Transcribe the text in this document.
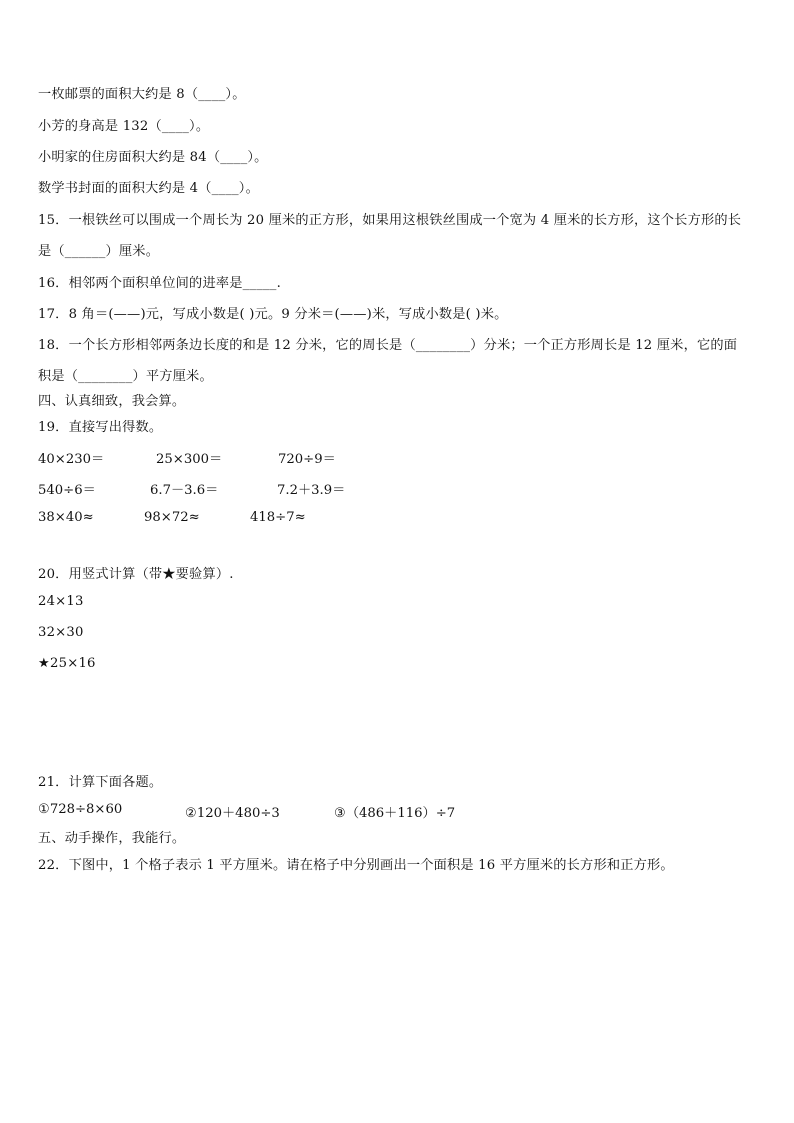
一枚邮票的面积大约是 8（____）。
小芳的身高是 132（____）。
小明家的住房面积大约是 84（____）。
数学书封面的面积大约是 4（____）。
15．一根铁丝可以围成一个周长为 20 厘米的正方形，如果用这根铁丝围成一个宽为 4 厘米的长方形，这个长方形的长
是（______）厘米。
16．相邻两个面积单位间的进率是_____.
17．8 角＝(——)元，写成小数是( )元。9 分米＝(——)米，写成小数是( )米。
18．一个长方形相邻两条边长度的和是 12 分米，它的周长是（________）分米；一个正方形周长是 12 厘米，它的面
积是（________）平方厘米。
四、认真细致，我会算。
19．直接写出得数。
40×230＝	25×300＝	720÷9＝
540÷6＝	6.7－3.6＝	7.2＋3.9＝
38×40≈	98×72≈	418÷7≈
20．用竖式计算（带★要验算）.
24×13
32×30
★25×16
21．计算下面各题。
①728÷8×60	②120＋480÷3	③（486＋116）÷7
五、动手操作，我能行。
22．下图中，1 个格子表示 1 平方厘米。请在格子中分别画出一个面积是 16 平方厘米的长方形和正方形。
